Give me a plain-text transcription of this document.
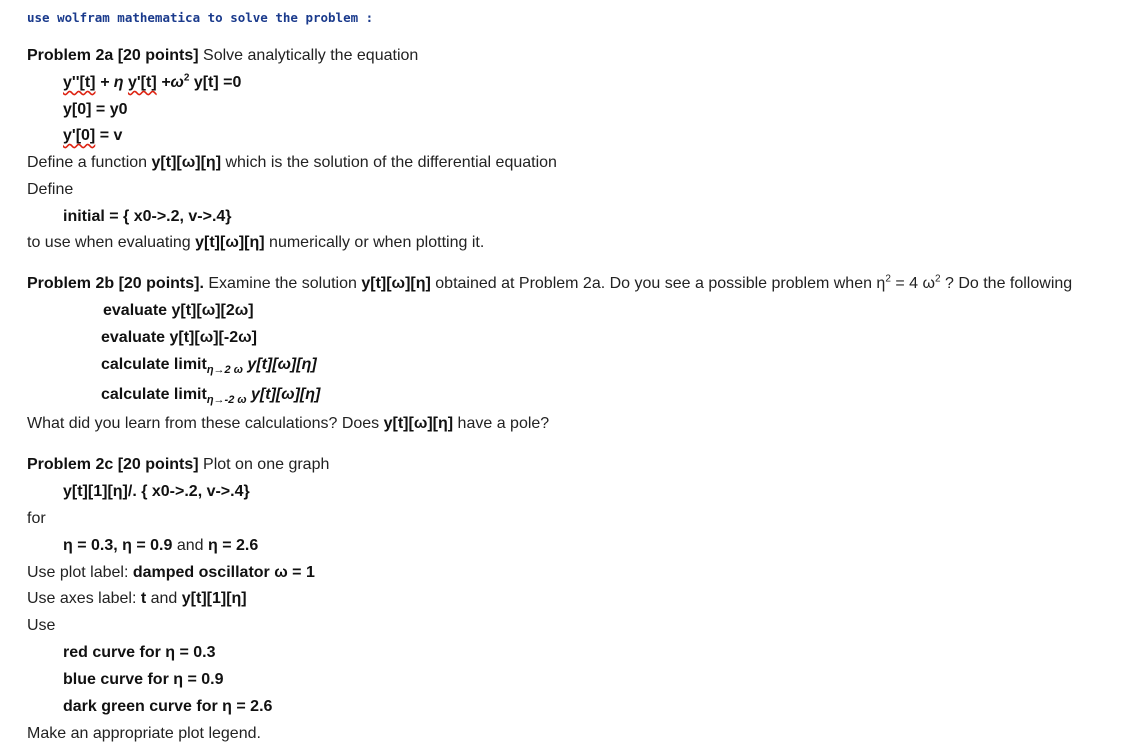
use wolfram mathematica to solve the problem :
Problem 2a [20 points] Solve analytically the equation
y''[t] + η $y'[t] +\omega^2$ y[t] =0
y[0] = y0
y'[0] = v
Define a function y[t][ω][η] which is the solution of the differential equation
Define
initial = { x0->.2, v->.4}
to use when evaluating y[t][ω][η] numerically or when plotting it.
Problem 2b [20 points]. Examine the solution y[t][ω][η] obtained at Problem 2a. Do you see a possible problem when $\eta^2 = 4$ $\omega^2$ ? Do the following
evaluate y[t][ω][2ω]
evaluate y[t][ω][-2ω]
calculate limit$_{\eta\to 2 \omega}$ y[t][ω][η]
calculate limit$_{\eta\to-2 \omega}$ y[t][ω][η]
What did you learn from these calculations? Does y[t][ω][η] have a pole?
Problem 2c [20 points] Plot on one graph
y[t][1][η]/. { x0->.2, v->.4}
for
η = 0.3, η = 0.9 and η = 2.6
Use plot label: damped oscillator ω = 1
Use axes label: t and y[t][1][η]
Use
red curve for η = 0.3
blue curve for η = 0.9
dark green curve for η = 2.6
Make an appropriate plot legend.
